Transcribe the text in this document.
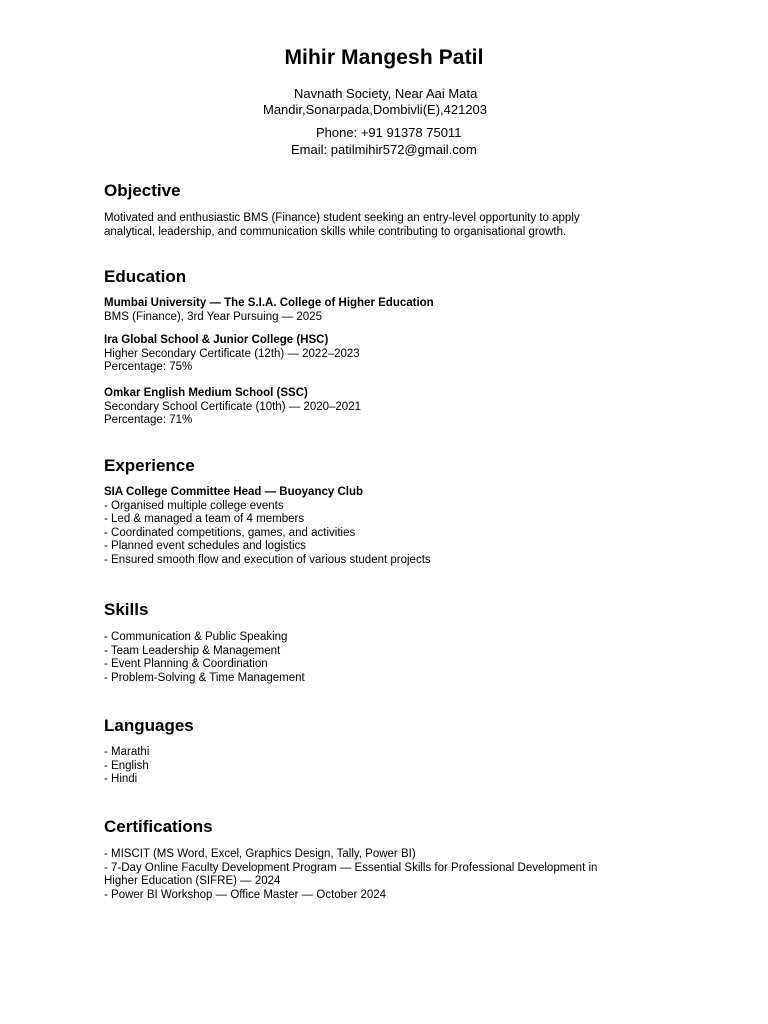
Mihir Mangesh Patil
Navnath Society, Near Aai Mata
Mandir,Sonarpada,Dombivli(E),421203
Phone: +91 91378 75011
Email: patilmihir572@gmail.com
Objective
Motivated and enthusiastic BMS (Finance) student seeking an entry-level opportunity to apply
analytical, leadership, and communication skills while contributing to organisational growth.
Education
Mumbai University — The S.I.A. College of Higher Education
BMS (Finance), 3rd Year Pursuing — 2025
Ira Global School & Junior College (HSC)
Higher Secondary Certificate (12th) — 2022–2023
Percentage: 75%
Omkar English Medium School (SSC)
Secondary School Certificate (10th) — 2020–2021
Percentage: 71%
Experience
SIA College Committee Head — Buoyancy Club
- Organised multiple college events
- Led & managed a team of 4 members
- Coordinated competitions, games, and activities
- Planned event schedules and logistics
- Ensured smooth flow and execution of various student projects
Skills
- Communication & Public Speaking
- Team Leadership & Management
- Event Planning & Coordination
- Problem-Solving & Time Management
Languages
- Marathi
- English
- Hindi
Certifications
- MISCIT (MS Word, Excel, Graphics Design, Tally, Power BI)
- 7-Day Online Faculty Development Program — Essential Skills for Professional Development in
Higher Education (SIFRE) — 2024
- Power BI Workshop — Office Master — October 2024
